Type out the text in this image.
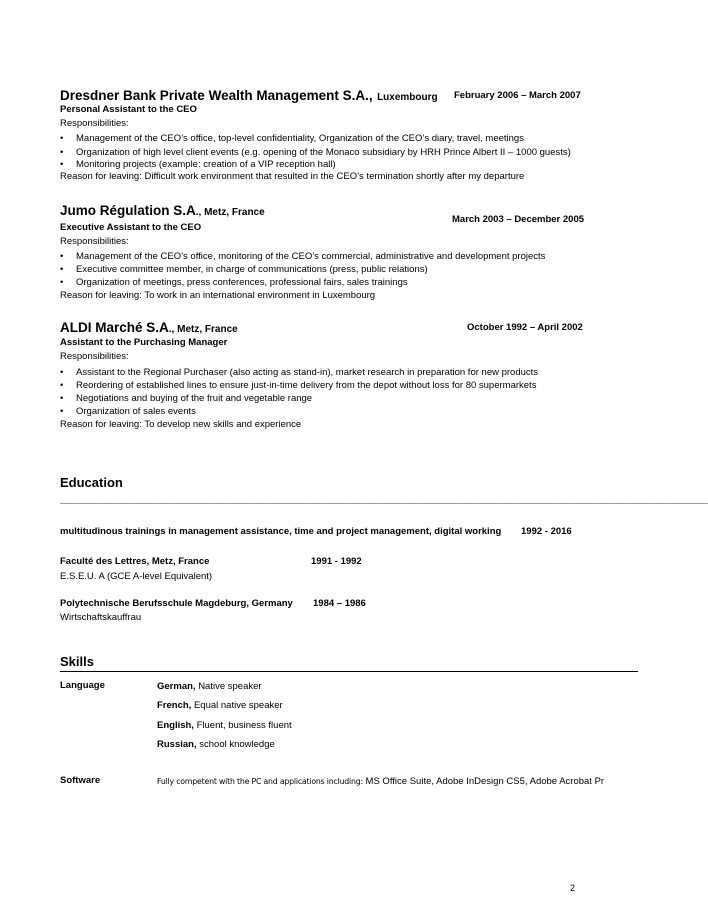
Dresdner Bank Private Wealth Management S.A., Luxembourg February 2006 – March 2007
Personal Assistant to the CEO
Responsibilities:
• Management of the CEO’s office, top-level confidentiality, Organization of the CEO’s diary, travel, meetings
• Organization of high level client events (e.g. opening of the Monaco subsidiary by HRH Prince Albert II – 1000 guests)
• Monitoring projects (example: creation of a VIP reception hall)
Reason for leaving: Difficult work environment that resulted in the CEO’s termination shortly after my departure
Jumo Régulation S.A., Metz, France
March 2003 – December 2005
Executive Assistant to the CEO
Responsibilities:
• Management of the CEO’s office, monitoring of the CEO’s commercial, administrative and development projects
• Executive committee member, in charge of communications (press, public relations)
• Organization of meetings, press conferences, professional fairs, sales trainings
Reason for leaving: To work in an international environment in Luxembourg
ALDI Marché S.A., Metz, France	October 1992 – April 2002
Assistant to the Purchasing Manager
Responsibilities:
• Assistant to the Regional Purchaser (also acting as stand-in), market research in preparation for new products
• Reordering of established lines to ensure just-in-time delivery from the depot without loss for 80 supermarkets
• Negotiations and buying of the fruit and vegetable range
• Organization of sales events
Reason for leaving: To develop new skills and experience
Education
________________________________________________________________________________________________________________________________
multitudinous trainings in management assistance, time and project management, digital working 1992 - 2016
Faculté des Lettres, Metz, France	1991 - 1992
E.S.E.U. A (GCE A-level Equivalent)
Polytechnische Berufsschule Magdeburg, Germany 1984 – 1986
Wirtschaftskauffrau
Skills
Language	German, Native speaker
French, Equal native speaker
English, Fluent, business fluent
Russian, school knowledge
Software	Fully competent with the PC and applications including: MS Office Suite, Adobe InDesign CS5, Adobe Acrobat Pr
2
